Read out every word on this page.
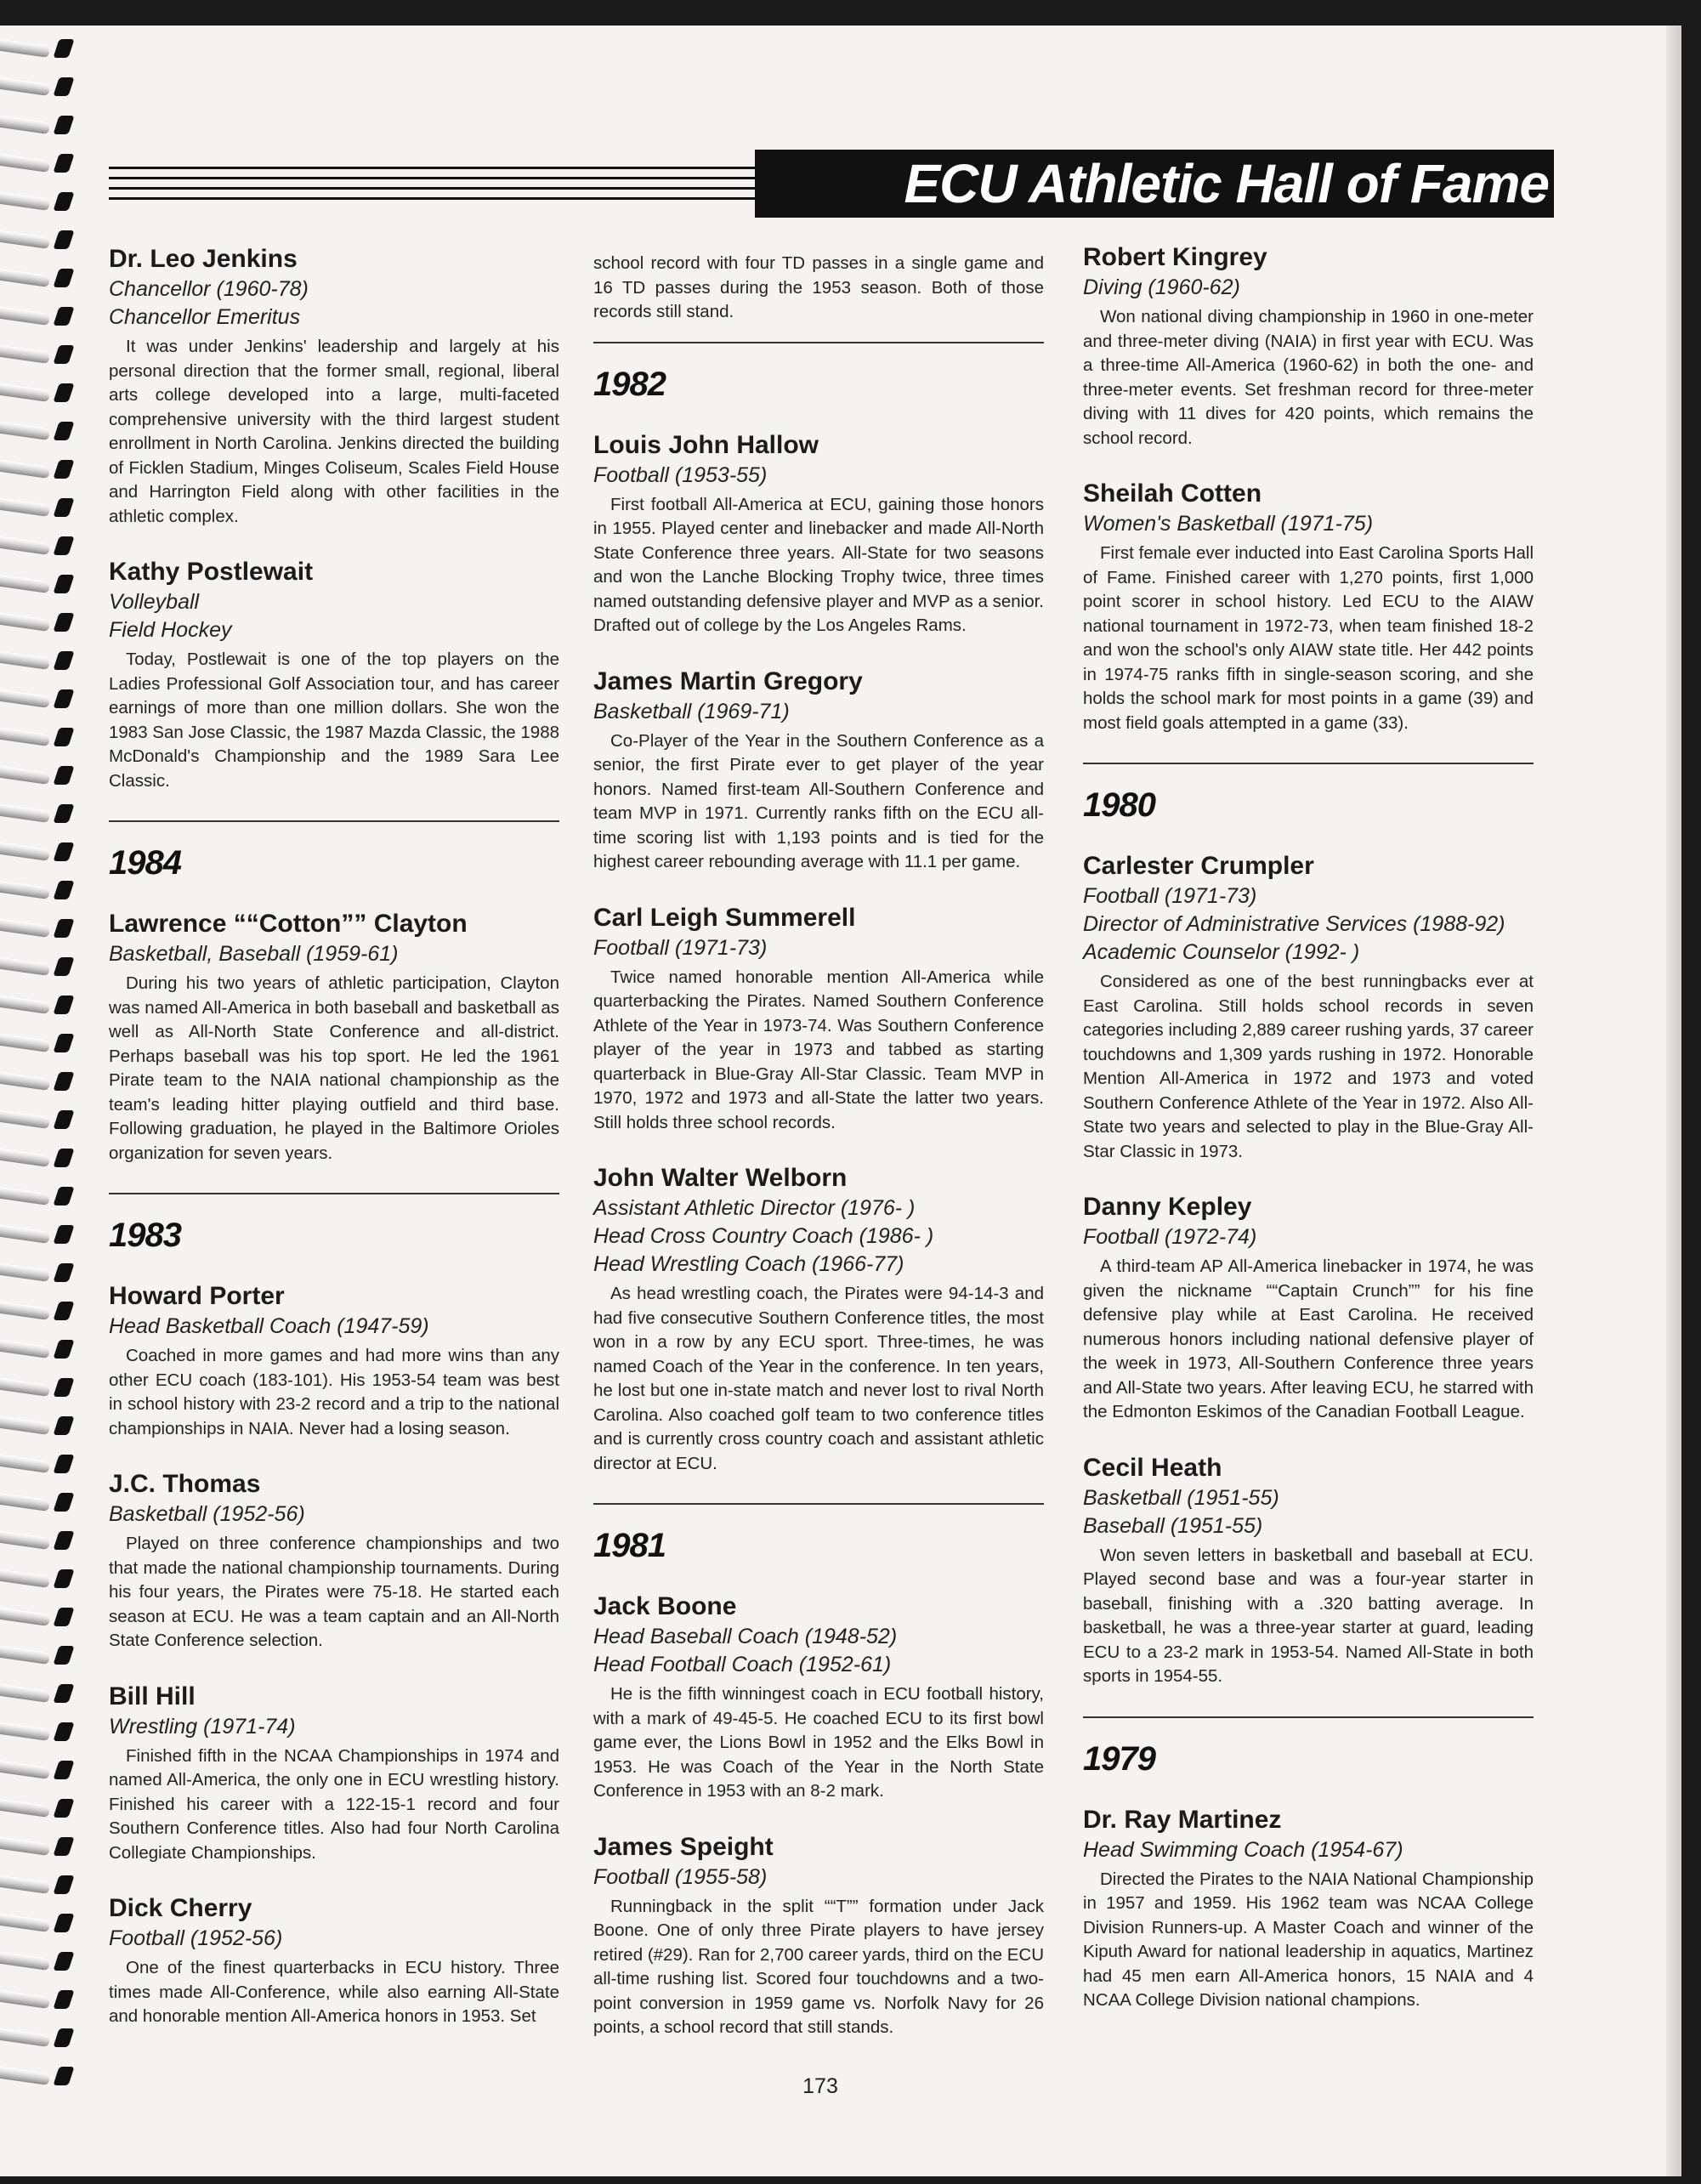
ECU Athletic Hall of Fame
Dr. Leo Jenkins
Chancellor (1960-78)
Chancellor Emeritus

It was under Jenkins' leadership and largely at his personal direction that the former small, regional, liberal arts college developed into a large, multi-faceted comprehensive university with the third largest student enrollment in North Carolina. Jenkins directed the building of Ficklen Stadium, Minges Coliseum, Scales Field House and Harrington Field along with other facilities in the athletic complex.

Kathy Postlewait
Volleyball
Field Hockey

Today, Postlewait is one of the top players on the Ladies Professional Golf Association tour, and has career earnings of more than one million dollars. She won the 1983 San Jose Classic, the 1987 Mazda Classic, the 1988 McDonald's Championship and the 1989 Sara Lee Classic.

1984
Lawrence ““Cotton”” Clayton
Basketball, Baseball (1959-61)

During his two years of athletic participation, Clayton was named All-America in both baseball and basketball as well as All-North State Conference and all-district. Perhaps baseball was his top sport. He led the 1961 Pirate team to the NAIA national championship as the team's leading hitter playing outfield and third base. Following graduation, he played in the Baltimore Orioles organization for seven years.

1983
Howard Porter
Head Basketball Coach (1947-59)

Coached in more games and had more wins than any other ECU coach (183-101). His 1953-54 team was best in school history with 23-2 record and a trip to the national championships in NAIA. Never had a losing season.

J.C. Thomas
Basketball (1952-56)

Played on three conference championships and two that made the national championship tournaments. During his four years, the Pirates were 75-18. He started each season at ECU. He was a team captain and an All-North State Conference selection.

Bill Hill
Wrestling (1971-74)

Finished fifth in the NCAA Championships in 1974 and named All-America, the only one in ECU wrestling history. Finished his career with a 122-15-1 record and four Southern Conference titles. Also had four North Carolina Collegiate Championships.

Dick Cherry
Football (1952-56)

One of the finest quarterbacks in ECU history. Three times made All-Conference, while also earning All-State and honorable mention All-America honors in 1953. Set

school record with four TD passes in a single game and 16 TD passes during the 1953 season. Both of those records still stand.

1982
Louis John Hallow
Football (1953-55)

First football All-America at ECU, gaining those honors in 1955. Played center and linebacker and made All-North State Conference three years. All-State for two seasons and won the Lanche Blocking Trophy twice, three times named outstanding defensive player and MVP as a senior. Drafted out of college by the Los Angeles Rams.

James Martin Gregory
Basketball (1969-71)

Co-Player of the Year in the Southern Conference as a senior, the first Pirate ever to get player of the year honors. Named first-team All-Southern Conference and team MVP in 1971. Currently ranks fifth on the ECU all-time scoring list with 1,193 points and is tied for the highest career rebounding average with 11.1 per game.

Carl Leigh Summerell
Football (1971-73)

Twice named honorable mention All-America while quarterbacking the Pirates. Named Southern Conference Athlete of the Year in 1973-74. Was Southern Conference player of the year in 1973 and tabbed as starting quarterback in Blue-Gray All-Star Classic. Team MVP in 1970, 1972 and 1973 and all-State the latter two years. Still holds three school records.

John Walter Welborn
Assistant Athletic Director (1976- )
Head Cross Country Coach (1986- )
Head Wrestling Coach (1966-77)

As head wrestling coach, the Pirates were 94-14-3 and had five consecutive Southern Conference titles, the most won in a row by any ECU sport. Three-times, he was named Coach of the Year in the conference. In ten years, he lost but one in-state match and never lost to rival North Carolina. Also coached golf team to two conference titles and is currently cross country coach and assistant athletic director at ECU.

1981
Jack Boone
Head Baseball Coach (1948-52)
Head Football Coach (1952-61)

He is the fifth winningest coach in ECU football history, with a mark of 49-45-5. He coached ECU to its first bowl game ever, the Lions Bowl in 1952 and the Elks Bowl in 1953. He was Coach of the Year in the North State Conference in 1953 with an 8-2 mark.

James Speight
Football (1955-58)

Runningback in the split ““T”” formation under Jack Boone. One of only three Pirate players to have jersey retired (#29). Ran for 2,700 career yards, third on the ECU all-time rushing list. Scored four touchdowns and a two-point conversion in 1959 game vs. Norfolk Navy for 26 points, a school record that still stands.

Robert Kingrey
Diving (1960-62)

Won national diving championship in 1960 in one-meter and three-meter diving (NAIA) in first year with ECU. Was a three-time All-America (1960-62) in both the one- and three-meter events. Set freshman record for three-meter diving with 11 dives for 420 points, which remains the school record.

Sheilah Cotten
Women's Basketball (1971-75)

First female ever inducted into East Carolina Sports Hall of Fame. Finished career with 1,270 points, first 1,000 point scorer in school history. Led ECU to the AIAW national tournament in 1972-73, when team finished 18-2 and won the school's only AIAW state title. Her 442 points in 1974-75 ranks fifth in single-season scoring, and she holds the school mark for most points in a game (39) and most field goals attempted in a game (33).

1980
Carlester Crumpler
Football (1971-73)
Director of Administrative Services (1988-92)
Academic Counselor (1992- )

Considered as one of the best runningbacks ever at East Carolina. Still holds school records in seven categories including 2,889 career rushing yards, 37 career touchdowns and 1,309 yards rushing in 1972. Honorable Mention All-America in 1972 and 1973 and voted Southern Conference Athlete of the Year in 1972. Also All-State two years and selected to play in the Blue-Gray All-Star Classic in 1973.

Danny Kepley
Football (1972-74)

A third-team AP All-America linebacker in 1974, he was given the nickname ““Captain Crunch”” for his fine defensive play while at East Carolina. He received numerous honors including national defensive player of the week in 1973, All-Southern Conference three years and All-State two years. After leaving ECU, he starred with the Edmonton Eskimos of the Canadian Football League.

Cecil Heath
Basketball (1951-55)
Baseball (1951-55)

Won seven letters in basketball and baseball at ECU. Played second base and was a four-year starter in baseball, finishing with a .320 batting average. In basketball, he was a three-year starter at guard, leading ECU to a 23-2 mark in 1953-54. Named All-State in both sports in 1954-55.

1979
Dr. Ray Martinez
Head Swimming Coach (1954-67)

Directed the Pirates to the NAIA National Championship in 1957 and 1959. His 1962 team was NCAA College Division Runners-up. A Master Coach and winner of the Kiputh Award for national leadership in aquatics, Martinez had 45 men earn All-America honors, 15 NAIA and 4 NCAA College Division national champions.

173
